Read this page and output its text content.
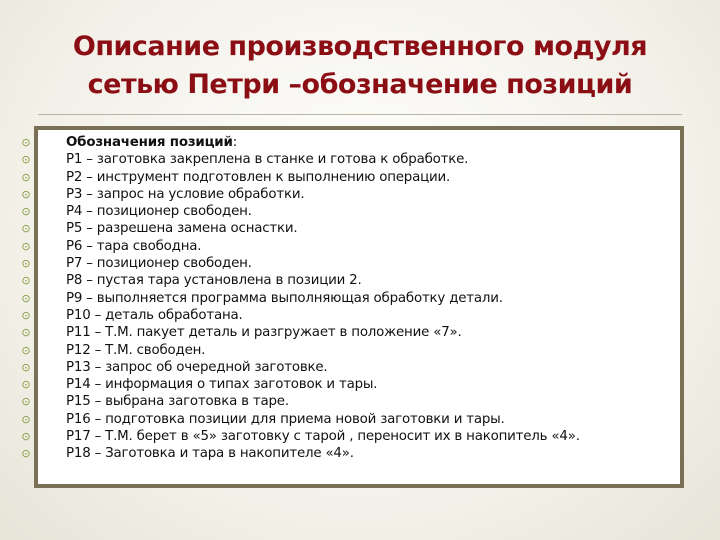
Описание производственного модуля
сетью Петри –обозначение позиций
⊙
⊙
⊙
⊙
⊙
⊙
⊙
⊙
⊙
⊙
⊙
⊙
⊙
⊙
⊙
⊙
⊙
⊙
⊙
Обозначения позиций:
Р1 – заготовка закреплена в станке и готова к обработке.
Р2 – инструмент подготовлен к выполнению операции.
Р3 – запрос на условие обработки.
Р4 – позиционер свободен.
Р5 – разрешена замена оснастки.
Р6 – тара свободна.
Р7 – позиционер свободен.
Р8 – пустая тара установлена в позиции 2.
Р9 – выполняется программа выполняющая обработку детали.
Р10 – деталь обработана.
Р11 – Т.М. пакует деталь и разгружает в положение «7».
Р12 – Т.М. свободен.
Р13 – запрос об очередной заготовке.
Р14 – информация о типах заготовок и тары.
Р15 – выбрана заготовка в таре.
Р16 – подготовка позиции для приема новой заготовки и тары.
Р17 – Т.М. берет в «5» заготовку с тарой , переносит их в накопитель «4».
Р18 – Заготовка и тара в накопителе «4».
